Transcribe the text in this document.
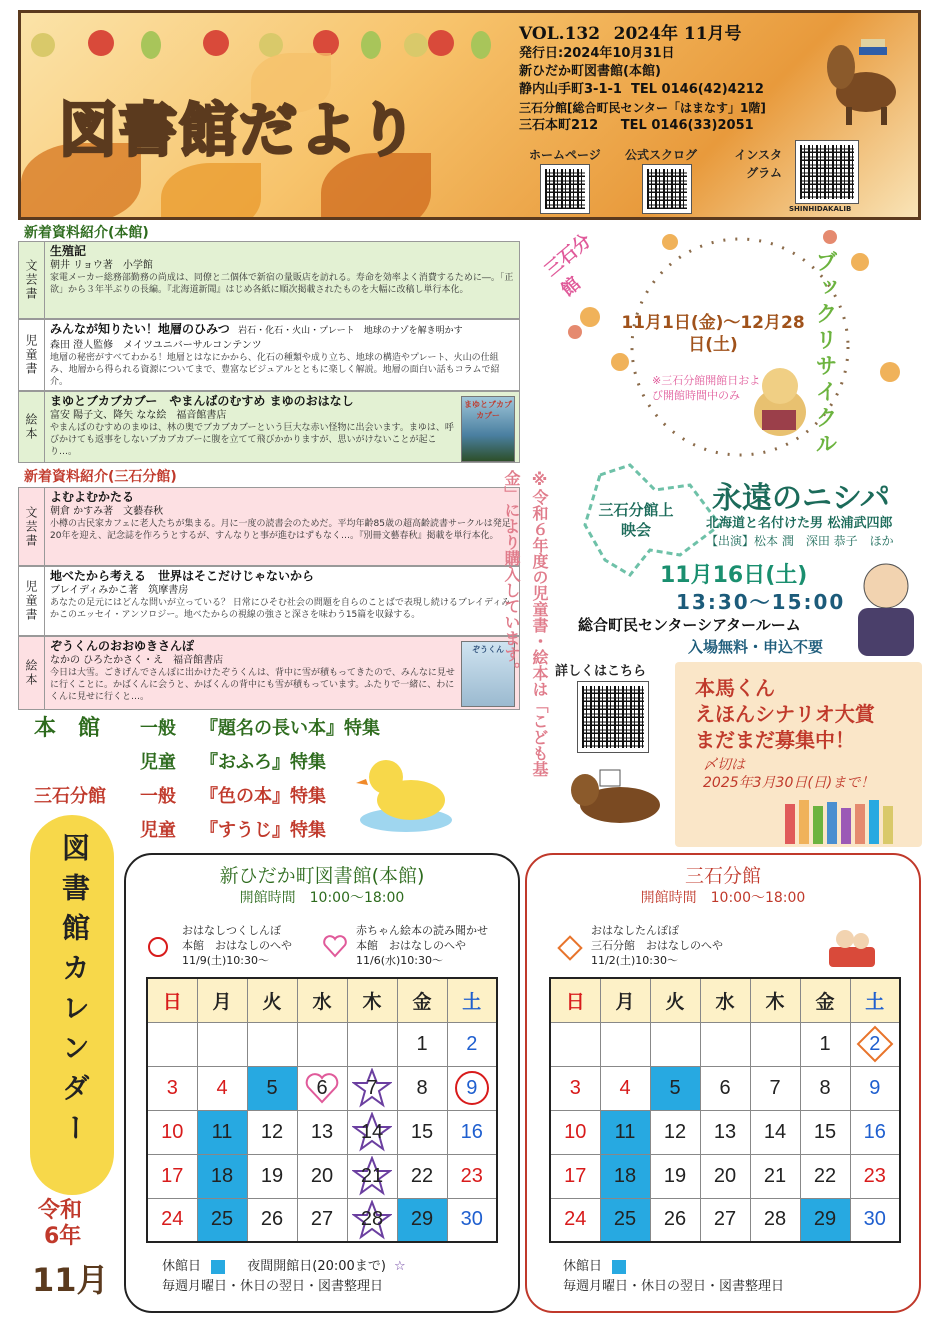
図書館だより
VOL.132 2024年 11月号
発行日:2024年10月31日
新ひだか町図書館(本館)
静内山手町3-1-1 TEL 0146(42)4212
三石分館[総合町民センター「はまなす」1階]
三石本町212 TEL 0146(33)2051
ホームページ 公式スクログ	インスタグラム
SHINHIDAKALIB
新着資料紹介(本館)
文芸書
生殖記
朝井 リョウ著　小学館
家電メーカー総務部勤務の尚成は、同僚と二個体で新宿の量販店を訪れる。寿命を効率よく消費するために―。「正欲」から３年半ぶりの長編。『北海道新聞』はじめ各紙に順次掲載されたものを大幅に改稿し単行本化。
児童書
みんなが知りたい！地層のひみつ 岩石・化石・火山・プレート　地球のナゾを解き明かす
森田 澄人監修　メイツユニバーサルコンテンツ
地層の秘密がすべてわかる！地層とはなにかから、化石の種類や成り立ち、地球の構造やプレート、火山の仕組み、地層から得られる資源についてまで、豊富なビジュアルとともに楽しく解説。地層の面白い話もコラムで紹介。
絵本
まゆとブカブカブー　やまんばのむすめ まゆのおはなし
富安 陽子文、降矢 なな絵　福音館書店
やまんばのむすめのまゆは、林の奥でブカブカブーという巨大な赤い怪物に出会います。まゆは、呼びかけても返事をしないブカブカブーに腹を立てて飛びかかりますが、思いがけないことが起こり…。
まゆとブカブカブー
新着資料紹介(三石分館)
文芸書
よむよむかたる
朝倉 かすみ著　文藝春秋
小樽の古民家カフェに老人たちが集まる。月に一度の読書会のためだ。平均年齢85歳の超高齢読書サークルは発足20年を迎え、記念誌を作ろうとするが、すんなりと事が進むはずもなく…。『別冊文藝春秋』掲載を単行本化。
児童書
地べたから考える　世界はそこだけじゃないから
ブレイディみかこ著　筑摩書房
あなたの足元にはどんな問いが立っている？ 日常にひそむ社会の問題を自らのことばで表現し続けるブレイディみかこのエッセイ・アンソロジー。地べたからの視線の強さと深さを味わう15篇を収録する。
絵本
ぞうくんのおおゆきさんぽ
なかの ひろたかさく・え　福音館書店
今日は大雪。ごきげんでさんぽに出かけたぞうくんは、背中に雪が積もってきたので、みんなに見せに行くことに。かばくんに会うと、かばくんの背中にも雪が積もっています。ふたりで一緒に、わにくんに見せに行くと…。
ぞうくん	※令和６年度の児童書・絵本は「こども基金」により購入しています。
三石分館	ブックリサイクル
11月1日(金)～12月28日(土)
※三石分館開館日および開館時間中のみ
三石分館上映会
永遠のニシパ
北海道と名付けた男 松浦武四郎
【出演】松本 潤　深田 恭子　ほか
11月16日(土)
13:30～15:00
総合町民センターシアタールーム
入場無料・申込不要
詳しくはこちら
本馬くん
えほんシナリオ大賞
まだまだ募集中！
〆切は
2025年3月30日(日)まで！
本　館 一般 『題名の長い本』特集
児童 『おふろ』特集
三石分館 一般 『色の本』特集
児童 『すうじ』特集
図書館カレンダー
令和
6年
11月
新ひだか町図書館(本館)
開館時間　10:00～18:00
おはなしつくしんぼ
本館　おはなしのへや
11/9(土)10:30～
赤ちゃん絵本の読み聞かせ
本館　おはなしのへや
11/6(水)10:30～
日	月	火	水	木	金	土
					1	2
3	4	5	6	7	8	9

10	11	12	13	14	15	16
17	18	19	20	21	22	23
24	25	26	27	28	29	30
休館日	夜間開館日(20:00まで) ☆
毎週月曜日・休日の翌日・図書整理日
三石分館
開館時間　10:00～18:00
おはなしたんぽぽ
三石分館　おはなしのへや
11/2(土)10:30～
日	月	火	水	木	金	土
					1	2

3	4	5	6	7	8	9
10	11	12	13	14	15	16
17	18	19	20	21	22	23
24	25	26	27	28	29	30
休館日
毎週月曜日・休日の翌日・図書整理日
